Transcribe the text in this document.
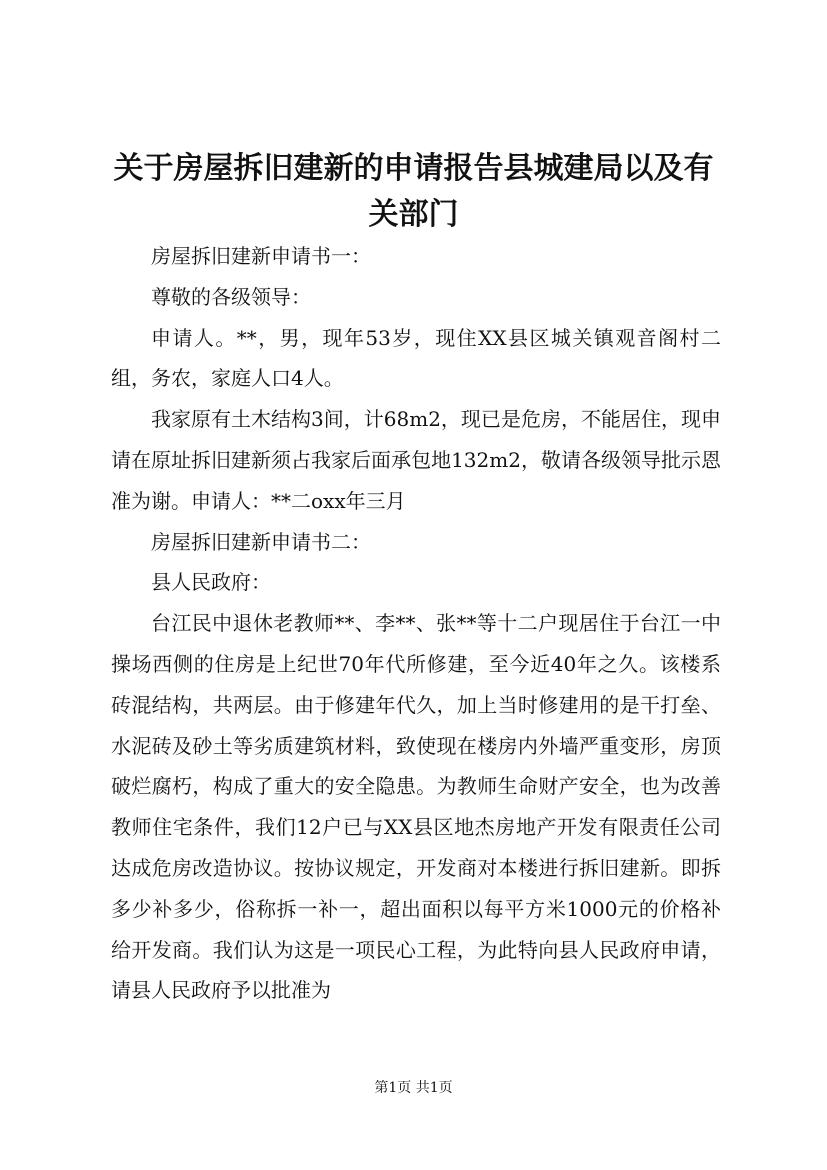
关于房屋拆旧建新的申请报告县城建局以及有关部门

房屋拆旧建新申请书一：

尊敬的各级领导：

申请人。**，男，现年53岁，现住XX县区城关镇观音阁村二组，务农，家庭人口4人。

我家原有土木结构3间，计68m2，现已是危房，不能居住，现申请在原址拆旧建新须占我家后面承包地132m2，敬请各级领导批示恩准为谢。申请人：**二oxx年三月

房屋拆旧建新申请书二：

县人民政府：

台江民中退休老教师**、李**、张**等十二户现居住于台江一中操场西侧的住房是上纪世70年代所修建，至今近40年之久。该楼系砖混结构，共两层。由于修建年代久，加上当时修建用的是干打垒、水泥砖及砂土等劣质建筑材料，致使现在楼房内外墙严重变形，房顶破烂腐朽，构成了重大的安全隐患。为教师生命财产安全，也为改善教师住宅条件，我们12户已与XX县区地杰房地产开发有限责任公司达成危房改造协议。按协议规定，开发商对本楼进行拆旧建新。即拆多少补多少，俗称拆一补一，超出面积以每平方米1000元的价格补给开发商。我们认为这是一项民心工程，为此特向县人民政府申请，请县人民政府予以批准为

第1页 共1页
